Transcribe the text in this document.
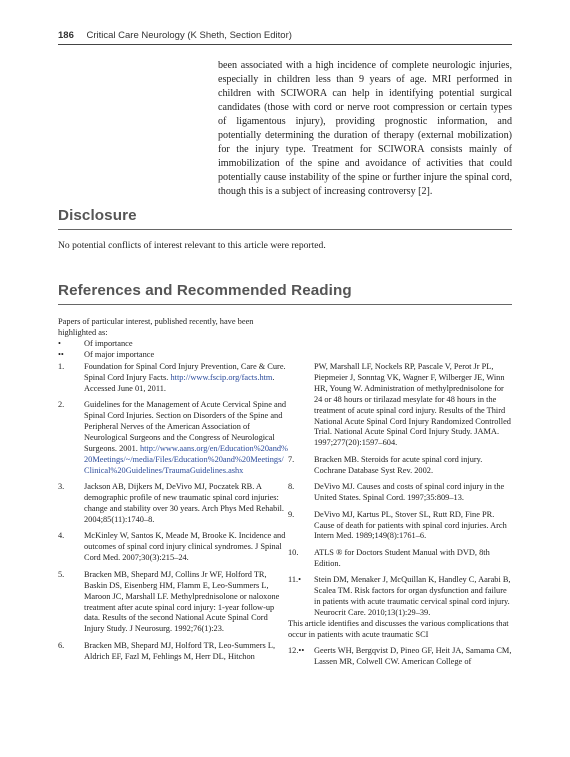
186 Critical Care Neurology (K Sheth, Section Editor)

been associated with a high incidence of complete neurologic injuries, especially in children less than 9 years of age. MRI performed in children with SCIWORA can help in identifying potential surgical candidates (those with cord or nerve root compression or certain types of ligamentous injury), providing prognostic information, and potentially determining the duration of therapy (external mobilization) for the injury type. Treatment for SCIWORA consists mainly of immobilization of the spine and avoidance of activities that could potentially cause instability of the spine or further injure the spinal cord, though this is a subject of increasing controversy [2].

Disclosure
No potential conflicts of interest relevant to this article were reported.
References and Recommended Reading

Papers of particular interest, published recently, have been highlighted as:

•	Of importance
••	Of major importance
1.	Foundation for Spinal Cord Injury Prevention, Care & Cure. Spinal Cord Injury Facts. http://www.fscip.org/facts.htm. Accessed June 01, 2011.
2.	Guidelines for the Management of Acute Cervical Spine and Spinal Cord Injuries. Section on Disorders of the Spine and Peripheral Nerves of the American Association of Neurological Surgeons and the Congress of Neurological Surgeons. 2001. http://www.aans.org/en/Education%20and%20Meetings/~/media/Files/Education%20and%20Meetings/Clinical%20Guidelines/TraumaGuidelines.ashx
3.	Jackson AB, Dijkers M, DeVivo MJ, Poczatek RB. A demographic profile of new traumatic spinal cord injuries: change and stability over 30 years. Arch Phys Med Rehabil. 2004;85(11):1740–8.
4.	McKinley W, Santos K, Meade M, Brooke K. Incidence and outcomes of spinal cord injury clinical syndromes. J Spinal Cord Med. 2007;30(3):215–24.
5.	Bracken MB, Shepard MJ, Collins Jr WF, Holford TR, Baskin DS, Eisenberg HM, Flamm E, Leo-Summers L, Maroon JC, Marshall LF. Methylprednisolone or naloxone treatment after acute spinal cord injury: 1-year follow-up data. Results of the second National Acute Spinal Cord Injury Study. J Neurosurg. 1992;76(1):23.
6.	Bracken MB, Shepard MJ, Holford TR, Leo-Summers L, Aldrich EF, Fazl M, Fehlings M, Herr DL, Hitchon
PW, Marshall LF, Nockels RP, Pascale V, Perot Jr PL, Piepmeier J, Sonntag VK, Wagner F, Wilberger JE, Winn HR, Young W. Administration of methylprednisolone for 24 or 48 hours or tirilazad mesylate for 48 hours in the treatment of acute spinal cord injury. Results of the Third National Acute Spinal Cord Injury Randomized Controlled Trial. National Acute Spinal Cord Injury Study. JAMA. 1997;277(20):1597–604.
7.	Bracken MB. Steroids for acute spinal cord injury. Cochrane Database Syst Rev. 2002.
8.	DeVivo MJ. Causes and costs of spinal cord injury in the United States. Spinal Cord. 1997;35:809–13.
9.	DeVivo MJ, Kartus PL, Stover SL, Rutt RD, Fine PR. Cause of death for patients with spinal cord injuries. Arch Intern Med. 1989;149(8):1761–6.
10.	ATLS ® for Doctors Student Manual with DVD, 8th Edition.
11.•	Stein DM, Menaker J, McQuillan K, Handley C, Aarabi B, Scalea TM. Risk factors for organ dysfunction and failure in patients with acute traumatic cervical spinal cord injury. Neurocrit Care. 2010;13(1):29–39.
This article identifies and discusses the various complications that occur in patients with acute traumatic SCI
12.••	Geerts WH, Bergqvist D, Pineo GF, Heit JA, Samama CM, Lassen MR, Colwell CW. American College of
